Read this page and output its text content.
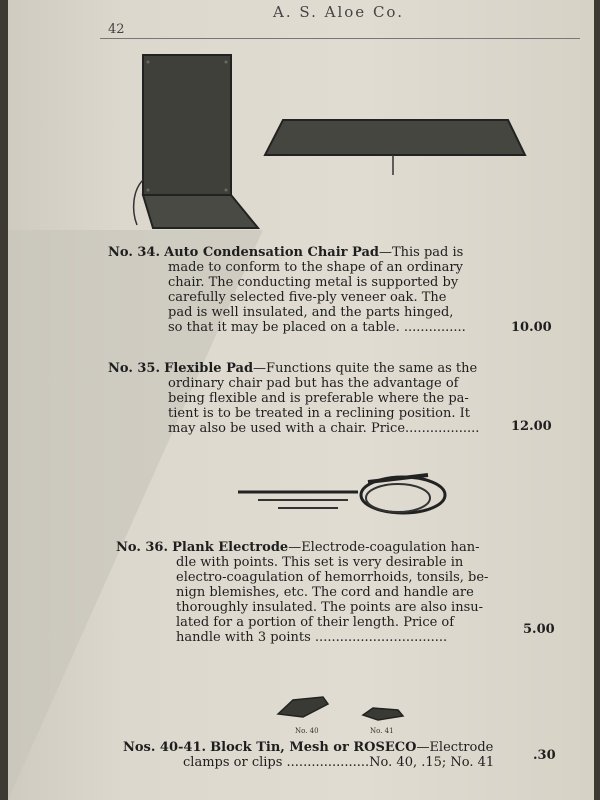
42
A. S. Aloe Co.
No. 34. Auto Condensation Chair Pad—This pad is
made to conform to the shape of an ordinary
chair. The conducting metal is supported by
carefully selected five-ply veneer oak. The
pad is well insulated, and the parts hinged,
so that it may be placed on a table. ...............	10.00
No. 35. Flexible Pad—Functions quite the same as the
ordinary chair pad but has the advantage of
being flexible and is preferable where the pa-
tient is to be treated in a reclining position. It
may also be used with a chair. Price.................. 12.00
No. 36. Plank Electrode—Electrode-coagulation han-
dle with points. This set is very desirable in
electro-coagulation of hemorrhoids, tonsils, be-
nign blemishes, etc. The cord and handle are
thoroughly insulated. The points are also insu-
lated for a portion of their length. Price of
handle with 3 points ................................
5.00
No. 40	No. 41
Nos. 40-41. Block Tin, Mesh or ROSECO—Electrode
clamps or clips ....................No. 40, .15; No. 41	.30
